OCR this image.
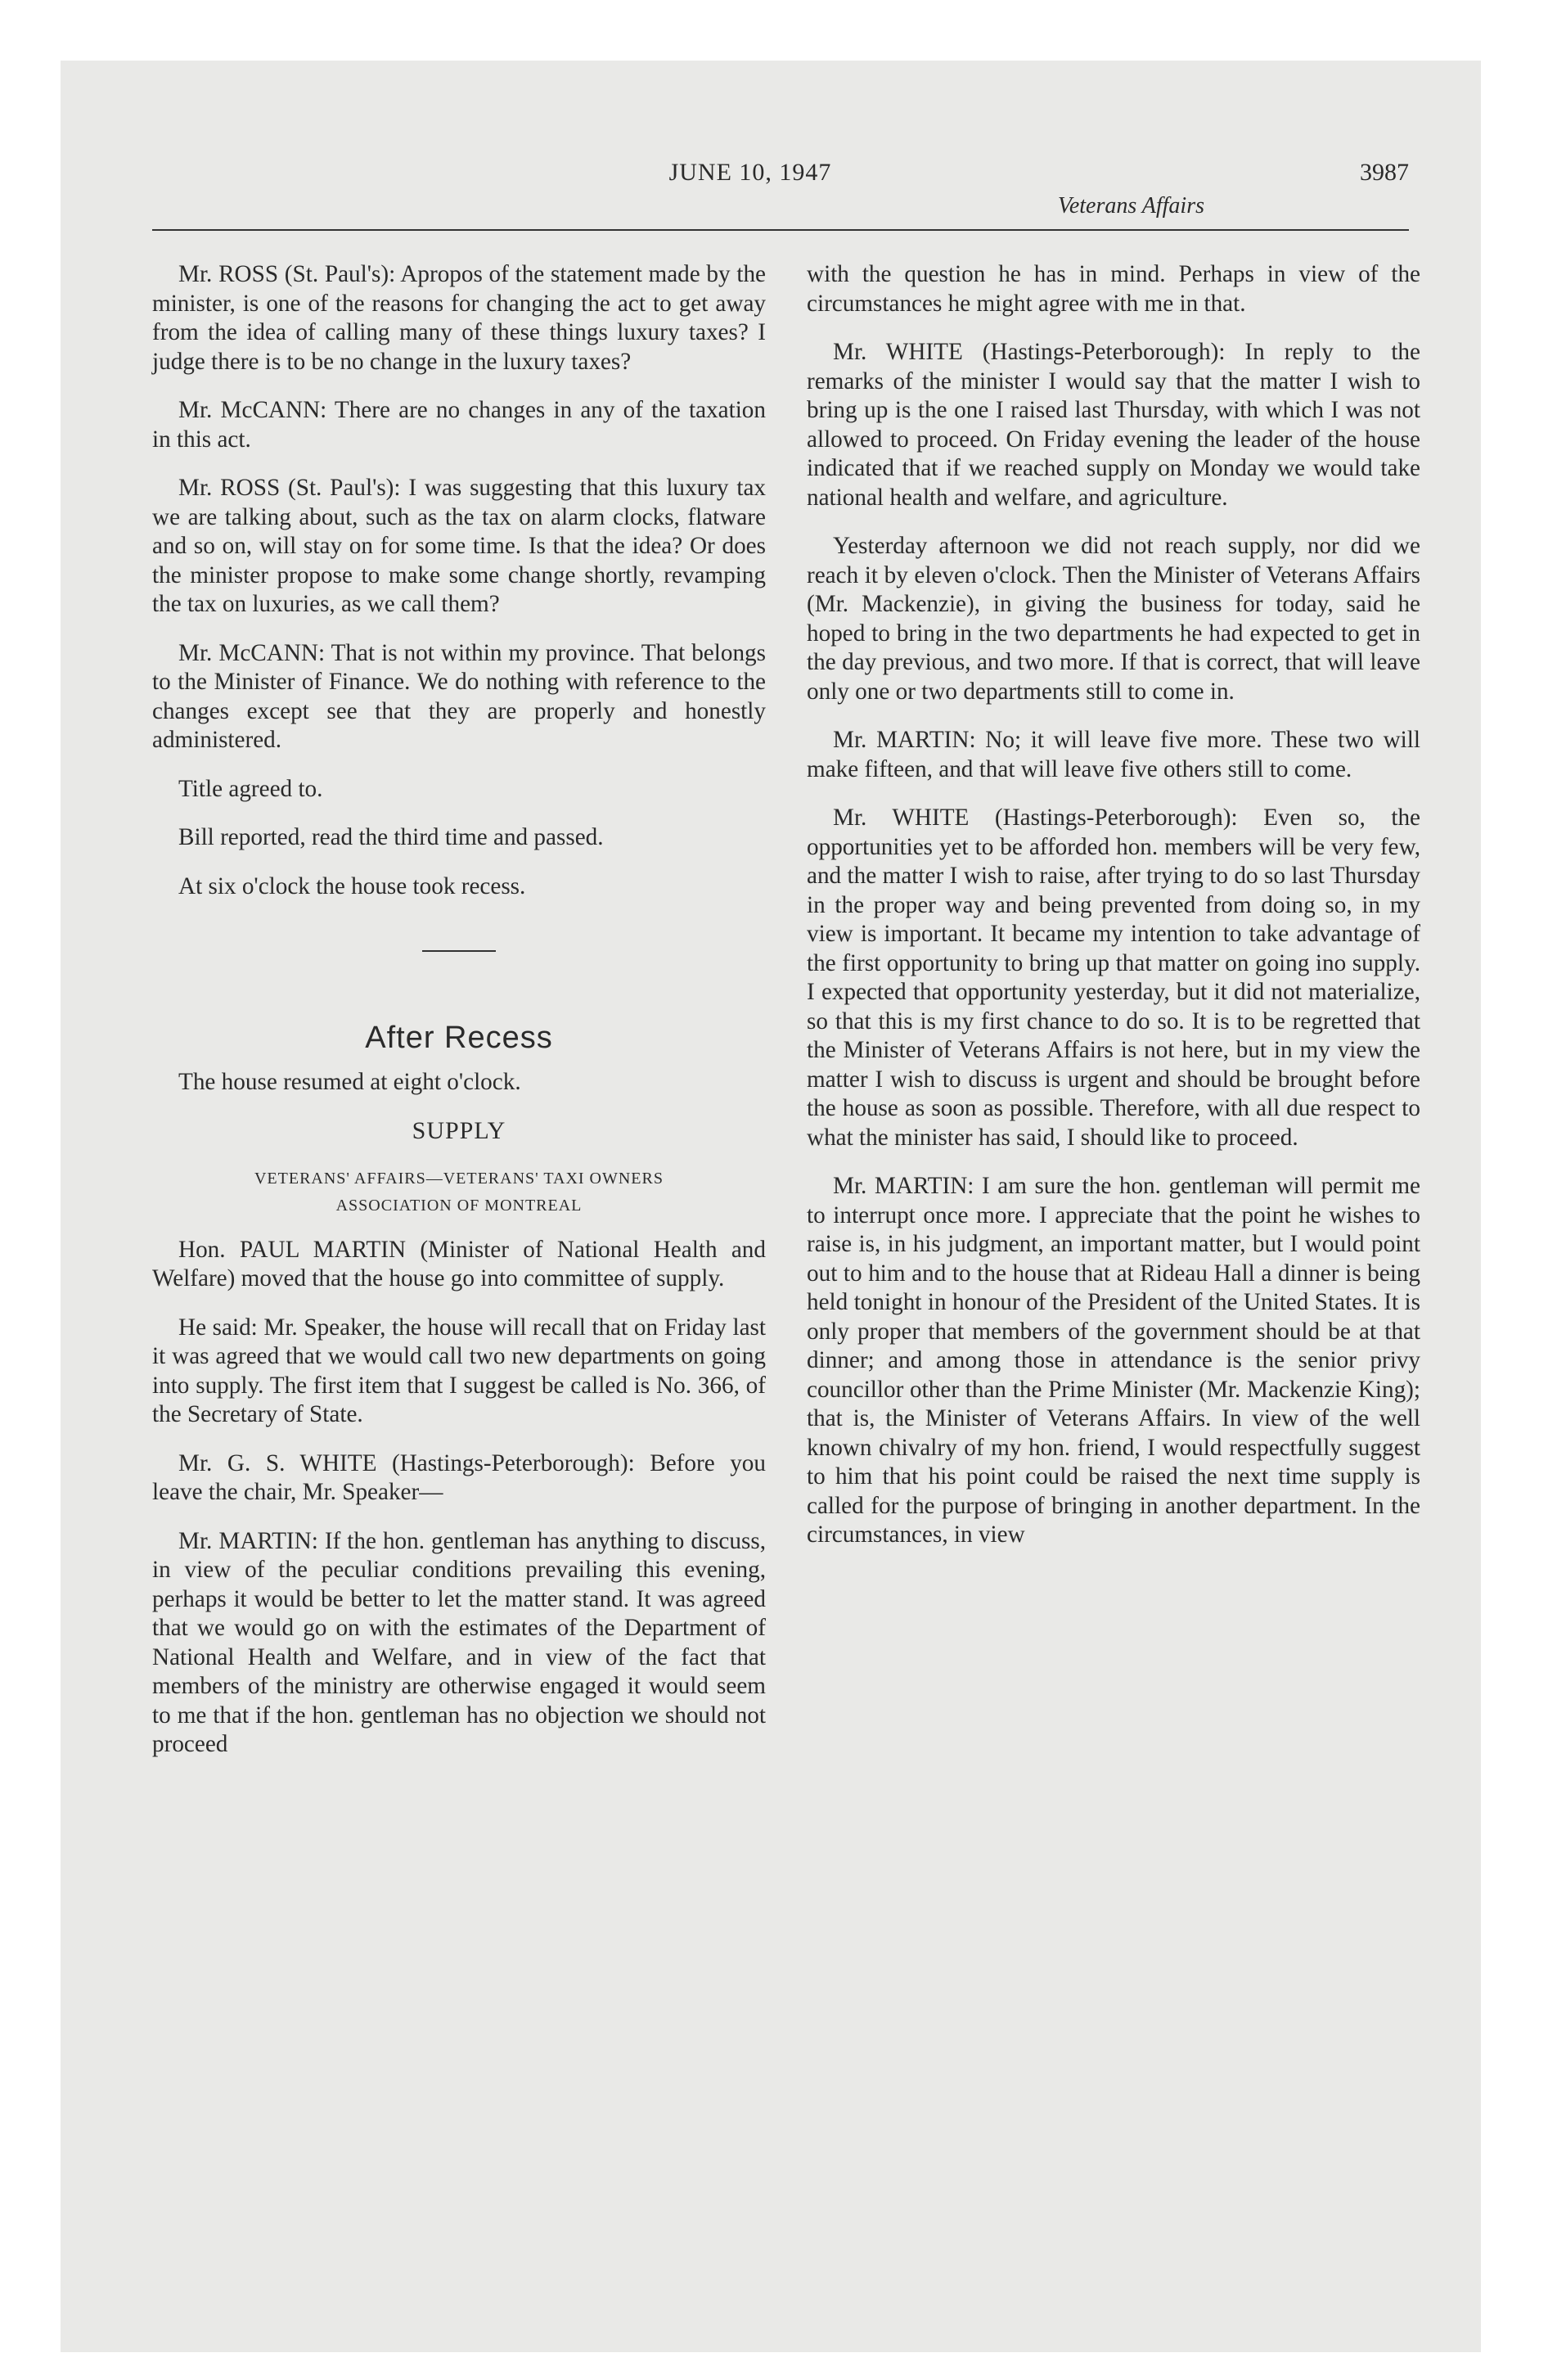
JUNE 10, 1947
Veterans Affairs
3987

Mr. ROSS (St. Paul's): Apropos of the statement made by the minister, is one of the reasons for changing the act to get away from the idea of calling many of these things luxury taxes? I judge there is to be no change in the luxury taxes?

Mr. McCANN: There are no changes in any of the taxation in this act.

Mr. ROSS (St. Paul's): I was suggesting that this luxury tax we are talking about, such as the tax on alarm clocks, flatware and so on, will stay on for some time. Is that the idea? Or does the minister propose to make some change shortly, revamping the tax on luxuries, as we call them?

Mr. McCANN: That is not within my province. That belongs to the Minister of Finance. We do nothing with reference to the changes except see that they are properly and honestly administered.

Title agreed to.

Bill reported, read the third time and passed.

At six o'clock the house took recess.

After Recess

The house resumed at eight o'clock.

SUPPLY
VETERANS' AFFAIRS—VETERANS' TAXI OWNERS
ASSOCIATION OF MONTREAL

Hon. PAUL MARTIN (Minister of National Health and Welfare) moved that the house go into committee of supply.

He said: Mr. Speaker, the house will recall that on Friday last it was agreed that we would call two new departments on going into supply. The first item that I suggest be called is No. 366, of the Secretary of State.

Mr. G. S. WHITE (Hastings-Peterborough): Before you leave the chair, Mr. Speaker—

Mr. MARTIN: If the hon. gentleman has anything to discuss, in view of the peculiar conditions prevailing this evening, perhaps it would be better to let the matter stand. It was agreed that we would go on with the estimates of the Department of National Health and Welfare, and in view of the fact that members of the ministry are otherwise engaged it would seem to me that if the hon. gentleman has no objection we should not proceed

with the question he has in mind. Perhaps in view of the circumstances he might agree with me in that.

Mr. WHITE (Hastings-Peterborough): In reply to the remarks of the minister I would say that the matter I wish to bring up is the one I raised last Thursday, with which I was not allowed to proceed. On Friday evening the leader of the house indicated that if we reached supply on Monday we would take national health and welfare, and agriculture.

Yesterday afternoon we did not reach supply, nor did we reach it by eleven o'clock. Then the Minister of Veterans Affairs (Mr. Mackenzie), in giving the business for today, said he hoped to bring in the two departments he had expected to get in the day previous, and two more. If that is correct, that will leave only one or two departments still to come in.

Mr. MARTIN: No; it will leave five more. These two will make fifteen, and that will leave five others still to come.

Mr. WHITE (Hastings-Peterborough): Even so, the opportunities yet to be afforded hon. members will be very few, and the matter I wish to raise, after trying to do so last Thursday in the proper way and being prevented from doing so, in my view is important. It became my intention to take advantage of the first opportunity to bring up that matter on going ino supply. I expected that opportunity yesterday, but it did not materialize, so that this is my first chance to do so. It is to be regretted that the Minister of Veterans Affairs is not here, but in my view the matter I wish to discuss is urgent and should be brought before the house as soon as possible. Therefore, with all due respect to what the minister has said, I should like to proceed.

Mr. MARTIN: I am sure the hon. gentleman will permit me to interrupt once more. I appreciate that the point he wishes to raise is, in his judgment, an important matter, but I would point out to him and to the house that at Rideau Hall a dinner is being held tonight in honour of the President of the United States. It is only proper that members of the government should be at that dinner; and among those in attendance is the senior privy councillor other than the Prime Minister (Mr. Mackenzie King); that is, the Minister of Veterans Affairs. In view of the well known chivalry of my hon. friend, I would respectfully suggest to him that his point could be raised the next time supply is called for the purpose of bringing in another department. In the circumstances, in view
